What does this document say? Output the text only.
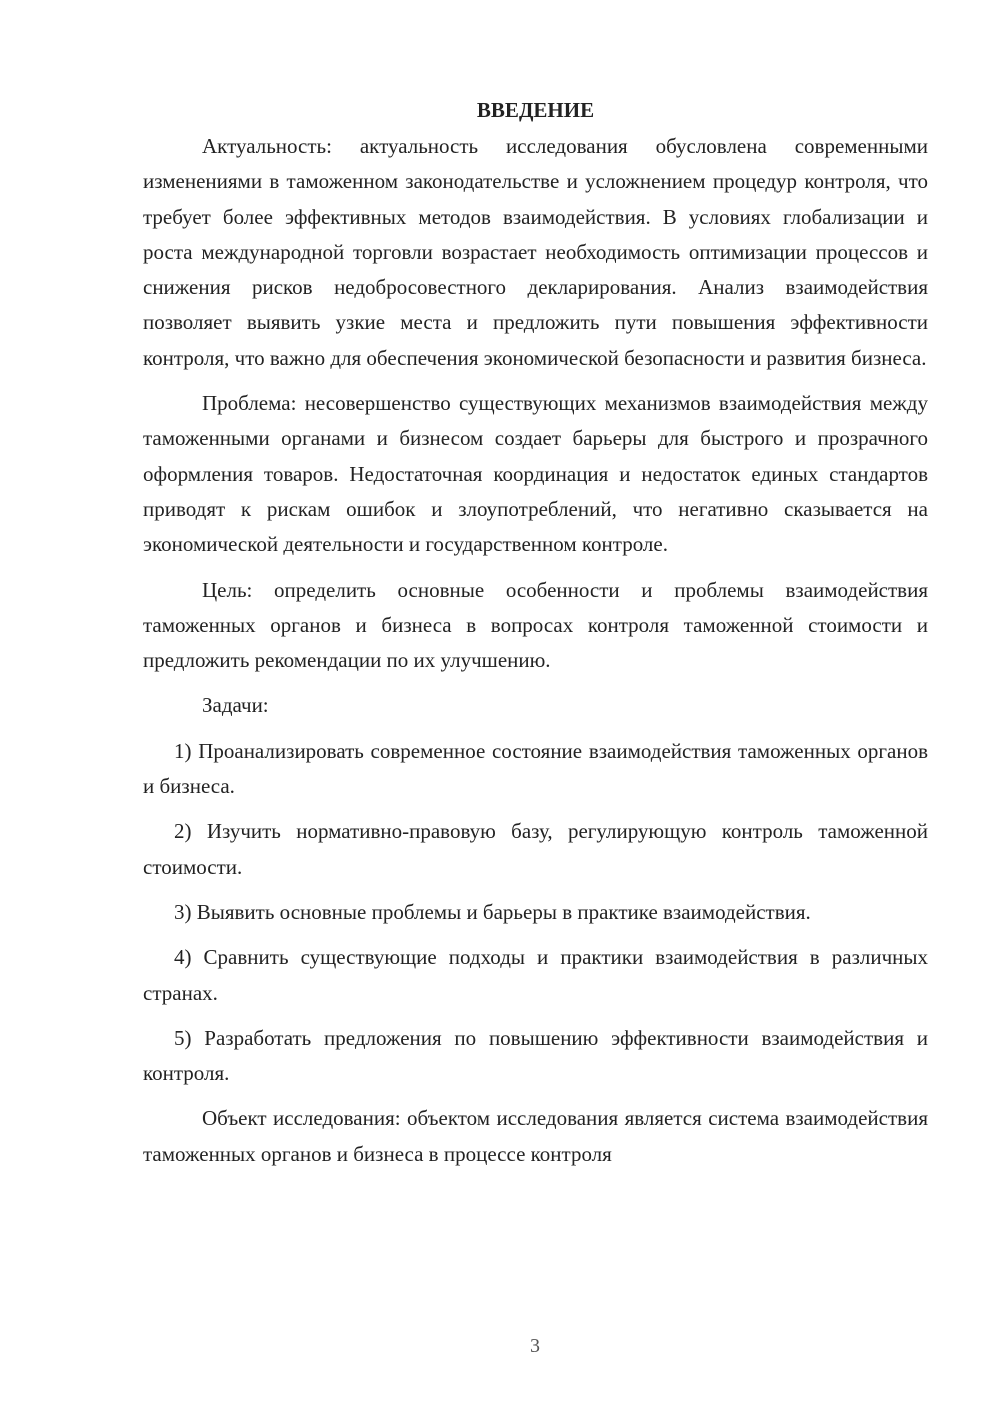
ВВЕДЕНИЕ

Актуальность: актуальность исследования обусловлена современными изменениями в таможенном законодательстве и усложнением процедур контроля, что требует более эффективных методов взаимодействия. В условиях глобализации и роста международной торговли возрастает необходимость оптимизации процессов и снижения рисков недобросовестного декларирования. Анализ взаимодействия позволяет выявить узкие места и предложить пути повышения эффективности контроля, что важно для обеспечения экономической безопасности и развития бизнеса.

Проблема: несовершенство существующих механизмов взаимодействия между таможенными органами и бизнесом создает барьеры для быстрого и прозрачного оформления товаров. Недостаточная координация и недостаток единых стандартов приводят к рискам ошибок и злоупотреблений, что негативно сказывается на экономической деятельности и государственном контроле.

Цель: определить основные особенности и проблемы взаимодействия таможенных органов и бизнеса в вопросах контроля таможенной стоимости и предложить рекомендации по их улучшению.

Задачи:

1) Проанализировать современное состояние взаимодействия таможенных органов и бизнеса.

2) Изучить нормативно-правовую базу, регулирующую контроль таможенной стоимости.

3) Выявить основные проблемы и барьеры в практике взаимодействия.

4) Сравнить существующие подходы и практики взаимодействия в различных странах.

5) Разработать предложения по повышению эффективности взаимодействия и контроля.

Объект исследования: объектом исследования является система взаимодействия таможенных органов и бизнеса в процессе контроля

3
